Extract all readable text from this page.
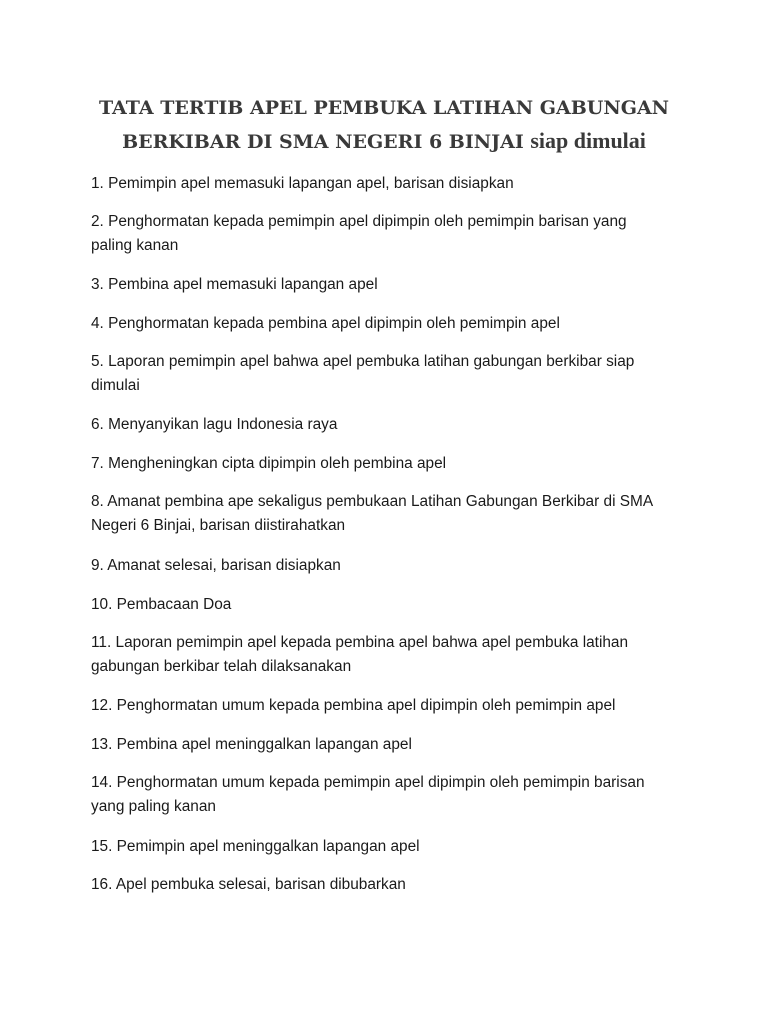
TATA TERTIB APEL PEMBUKA LATIHAN GABUNGAN
BERKIBAR DI SMA NEGERI 6 BINJAI siap dimulai
1. Pemimpin apel memasuki lapangan apel, barisan disiapkan
2. Penghormatan kepada pemimpin apel dipimpin oleh pemimpin barisan yang
paling kanan
3. Pembina apel memasuki lapangan apel
4. Penghormatan kepada pembina apel dipimpin oleh pemimpin apel
5. Laporan pemimpin apel bahwa apel pembuka latihan gabungan berkibar siap
dimulai
6. Menyanyikan lagu Indonesia raya
7. Mengheningkan cipta dipimpin oleh pembina apel
8. Amanat pembina ape sekaligus pembukaan Latihan Gabungan Berkibar di SMA
Negeri 6 Binjai, barisan diistirahatkan
9. Amanat selesai, barisan disiapkan
10. Pembacaan Doa
11. Laporan pemimpin apel kepada pembina apel bahwa apel pembuka latihan
gabungan berkibar telah dilaksanakan
12. Penghormatan umum kepada pembina apel dipimpin oleh pemimpin apel
13. Pembina apel meninggalkan lapangan apel
14. Penghormatan umum kepada pemimpin apel dipimpin oleh pemimpin barisan
yang paling kanan
15. Pemimpin apel meninggalkan lapangan apel
16. Apel pembuka selesai, barisan dibubarkan
